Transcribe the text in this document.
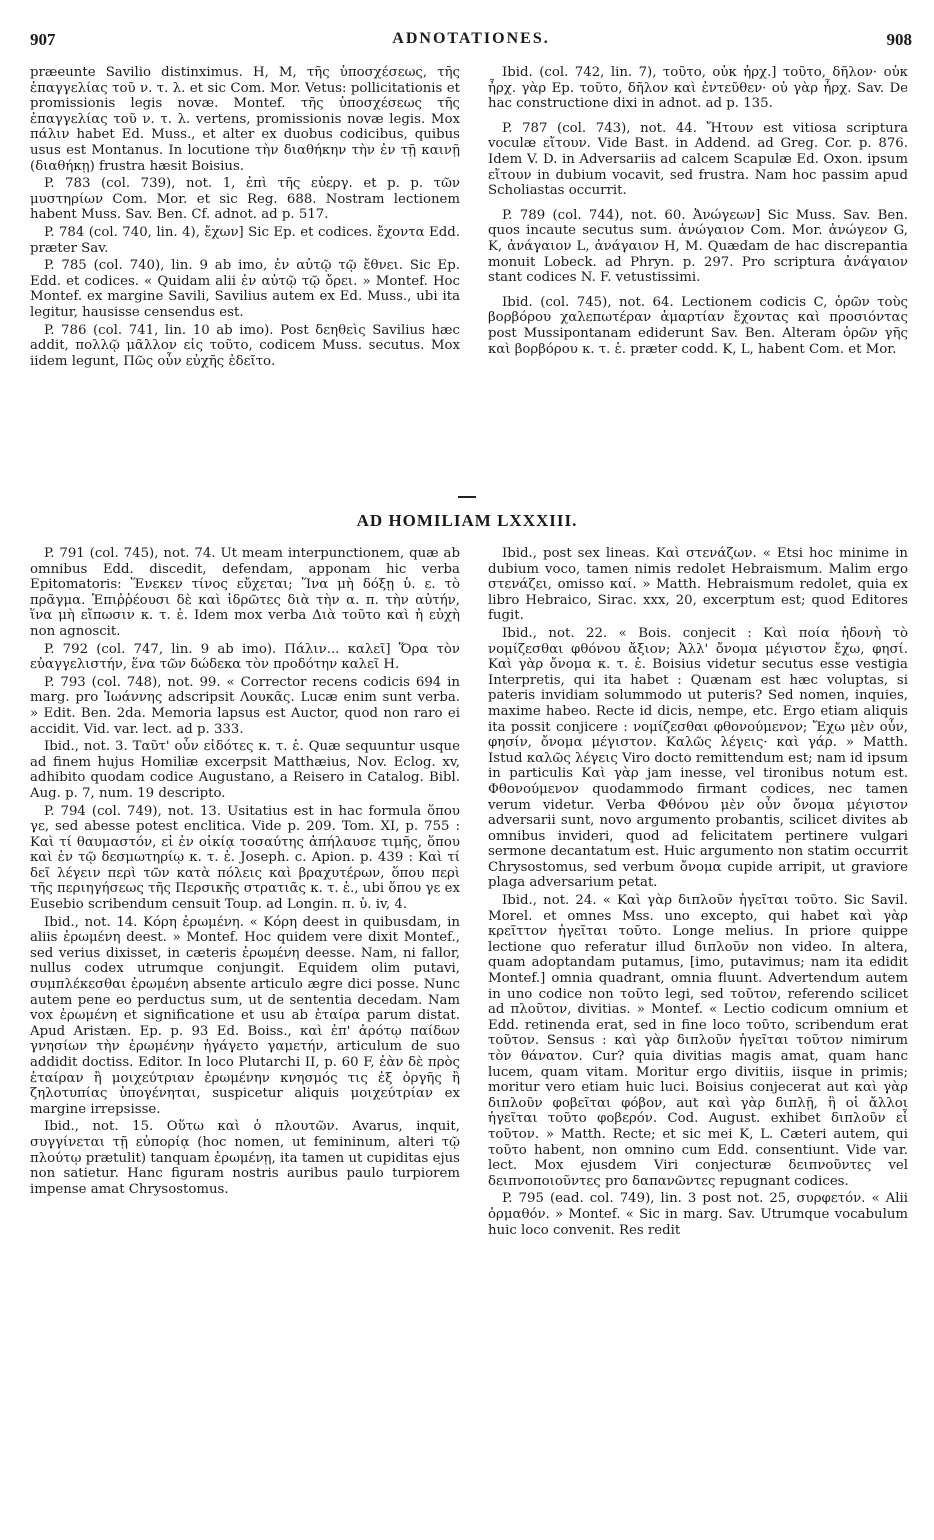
907	ADNOTATIONES.	908

præeunte Savilio distinximus. H, M, τῆς ὑποσχέσεως, τῆς ἐπαγγελίας τοῦ ν. τ. λ. et sic Com. Mor. Vetus: pollicitationis et promissionis legis novæ. Montef. τῆς ὑποσχέσεως τῆς ἐπαγγελίας τοῦ ν. τ. λ. vertens, promissionis novæ legis. Mox πάλιν habet Ed. Muss., et alter ex duobus codicibus, quibus usus est Montanus. In locutione τὴν διαθήκην τὴν ἐν τῇ καινῇ (διαθήκῃ) frustra hæsit Boisius.

P. 783 (col. 739), not. 1, ἐπὶ τῆς εὐεργ. et p. p. τῶν μυστηρίων Com. Mor. et sic Reg. 688. Nostram lectionem habent Muss. Sav. Ben. Cf. adnot. ad p. 517.

P. 784 (col. 740, lin. 4), ἔχων] Sic Ep. et codices. ἔχοντα Edd. præter Sav.

P. 785 (col. 740), lin. 9 ab imo, ἐν αὐτῷ τῷ ἔθνει. Sic Ep. Edd. et codices. « Quidam alii ἐν αὐτῷ τῷ ὄρει. » Montef. Hoc Montef. ex margine Savili, Savilius autem ex Ed. Muss., ubi ita legitur, hausisse censendus est.

P. 786 (col. 741, lin. 10 ab imo). Post δεηθεὶς Savilius hæc addit, πολλῷ μᾶλλον εἰς τοῦτο, codicem Muss. secutus. Mox iidem legunt, Πῶς οὖν εὐχῆς ἐδεῖτο.

Ibid. (col. 742, lin. 7), τοῦτο, οὐκ ἦρχ.] τοῦτο, δῆλον· οὐκ ἦρχ. γὰρ Ep. τοῦτο, δῆλον καὶ ἐντεῦθεν· οὐ γὰρ ἦρχ. Sav. De hac constructione dixi in adnot. ad p. 135.

P. 787 (col. 743), not. 44. Ἤτουν est vitiosa scriptura voculæ εἴτουν. Vide Bast. in Addend. ad Greg. Cor. p. 876. Idem V. D. in Adversariis ad calcem Scapulæ Ed. Oxon. ipsum εἴτουν in dubium vocavit, sed frustra. Nam hoc passim apud Scholiastas occurrit.

P. 789 (col. 744), not. 60. Ἀνώγεων] Sic Muss. Sav. Ben. quos incaute secutus sum. ἀνώγαιον Com. Mor. ἀνώγεον G, K, ἀνάγαιον L, ἀνάγαιον H, M. Quædam de hac discrepantia monuit Lobeck. ad Phryn. p. 297. Pro scriptura ἀνάγαιον stant codices N. F. vetustissimi.

Ibid. (col. 745), not. 64. Lectionem codicis C, ὁρῶν τοὺς βορβόρου χαλεπωτέραν ἁμαρτίαν ἔχοντας καὶ προσιόντας post Mussipontanam ediderunt Sav. Ben. Alteram ὁρῶν γῆς καὶ βορβόρου κ. τ. ἑ. præter codd. K, L, habent Com. et Mor.

AD HOMILIAM LXXXIII.

P. 791 (col. 745), not. 74. Ut meam interpunctionem, quæ ab omnibus Edd. discedit, defendam, apponam hic verba Epitomatoris: Ἕνεκεν τίνος εὔχεται; Ἵνα μὴ δόξῃ ὑ. ε. τὸ πρᾶγμα. Ἐπιῤῥέουσι δὲ καὶ ἱδρῶτες διὰ τὴν α. π. τὴν αὐτήν, ἵνα μὴ εἴπωσιν κ. τ. ἑ. Idem mox verba Διὰ τοῦτο καὶ ἡ εὐχὴ non agnoscit.

P. 792 (col. 747, lin. 9 ab imo). Πάλιν... καλεῖ] Ὅρα τὸν εὐαγγελιστήν, ἕνα τῶν δώδεκα τὸν προδότην καλεῖ H.

P. 793 (col. 748), not. 99. « Corrector recens codicis 694 in marg. pro Ἰωάννης adscripsit Λουκᾶς. Lucæ enim sunt verba. » Edit. Ben. 2da. Memoria lapsus est Auctor, quod non raro ei accidit. Vid. var. lect. ad p. 333.

Ibid., not. 3. Ταῦτ' οὖν εἰδότες κ. τ. ἑ. Quæ sequuntur usque ad finem hujus Homiliæ excerpsit Matthæius, Nov. Eclog. xv, adhibito quodam codice Augustano, a Reisero in Catalog. Bibl. Aug. p. 7, num. 19 descripto.

P. 794 (col. 749), not. 13. Usitatius est in hac formula ὅπου γε, sed abesse potest enclitica. Vide p. 209. Tom. XI, p. 755 : Καὶ τί θαυμαστόν, εἰ ἐν οἰκίᾳ τοσαύτης ἀπήλαυσε τιμῆς, ὅπου καὶ ἐν τῷ δεσμωτηρίῳ κ. τ. ἑ. Joseph. c. Apion. p. 439 : Καὶ τί δεῖ λέγειν περὶ τῶν κατὰ πόλεις καὶ βραχυτέρων, ὅπου περὶ τῆς περιηγήσεως τῆς Περσικῆς στρατιᾶς κ. τ. ἑ., ubi ὅπου γε ex Eusebio scribendum censuit Toup. ad Longin. π. ὑ. iv, 4.

Ibid., not. 14. Κόρη ἐρωμένη. « Κόρη deest in quibusdam, in aliis ἐρωμένη deest. » Montef. Hoc quidem vere dixit Montef., sed verius dixisset, in cæteris ἐρωμένη deesse. Nam, ni fallor, nullus codex utrumque conjungit. Equidem olim putavi, συμπλέκεσθαι ἐρωμένη absente articulo ægre dici posse. Nunc autem pene eo perductus sum, ut de sententia decedam. Nam vox ἐρωμένη et significatione et usu ab ἑταίρα parum distat. Apud Aristæn. Ep. p. 93 Ed. Boiss., καὶ ἐπ' ἀρότῳ παίδων γνησίων τὴν ἐρωμένην ἠγάγετο γαμετήν, articulum de suo addidit doctiss. Editor. In loco Plutarchi II, p. 60 F, ἐὰν δὲ πρὸς ἑταίραν ἢ μοιχεύτριαν ἐρωμένην κνησμός τις ἐξ ὀργῆς ἢ ζηλοτυπίας ὑπογένηται, suspicetur aliquis μοιχεύτρίαν ex margine irrepsisse.

Ibid., not. 15. Οὕτω καὶ ὁ πλουτῶν. Avarus, inquit, συγγίνεται τῇ εὐπορίᾳ (hoc nomen, ut femininum, alteri τῷ πλούτῳ prætulit) tanquam ἐρωμένῃ, ita tamen ut cupiditas ejus non satietur. Hanc figuram nostris auribus paulo turpiorem impense amat Chrysostomus.

Ibid., post sex lineas. Καὶ στενάζων. « Etsi hoc minime in dubium voco, tamen nimis redolet Hebraismum. Malim ergo στενάζει, omisso καί. » Matth. Hebraismum redolet, quia ex libro Hebraico, Sirac. xxx, 20, excerptum est; quod Editores fugit.

Ibid., not. 22. « Bois. conjecit : Καὶ ποία ἡδονὴ τὸ νομίζεσθαι φθόνου ἄξιον; Ἀλλ' ὄνομα μέγιστον ἔχω, φησί. Καὶ γὰρ ὄνομα κ. τ. ἑ. Boisius videtur secutus esse vestigia Interpretis, qui ita habet : Quænam est hæc voluptas, si pateris invidiam solummodo ut puteris? Sed nomen, inquies, maxime habeo. Recte id dicis, nempe, etc. Ergo etiam aliquis ita possit conjicere : νομίζεσθαι φθονούμενον; Ἔχω μὲν οὖν, φησίν, ὄνομα μέγιστον. Καλῶς λέγεις· καὶ γάρ. » Matth. Istud καλῶς λέγεις Viro docto remittendum est; nam id ipsum in particulis Καὶ γὰρ jam inesse, vel tironibus notum est. Φθονούμενον quodammodo firmant codices, nec tamen verum videtur. Verba Φθόνου μὲν οὖν ὄνομα μέγιστον adversarii sunt, novo argumento probantis, scilicet divites ab omnibus invideri, quod ad felicitatem pertinere vulgari sermone decantatum est. Huic argumento non statim occurrit Chrysostomus, sed verbum ὄνομα cupide arripit, ut graviore plaga adversarium petat.

Ibid., not. 24. « Καὶ γὰρ διπλοῦν ἡγεῖται τοῦτο. Sic Savil. Morel. et omnes Mss. uno excepto, qui habet καὶ γὰρ κρεῖττον ἡγεῖται τοῦτο. Longe melius. In priore quippe lectione quo referatur illud διπλοῦν non video. In altera, quam adoptandam putamus, [imo, putavimus; nam ita edidit Montef.] omnia quadrant, omnia fluunt. Advertendum autem in uno codice non τοῦτο legi, sed τοῦτον, referendo scilicet ad πλοῦτον, divitias. » Montef. « Lectio codicum omnium et Edd. retinenda erat, sed in fine loco τοῦτο, scribendum erat τοῦτον. Sensus : καὶ γὰρ διπλοῦν ἡγεῖται τοῦτον nimirum τὸν θάνατον. Cur? quia divitias magis amat, quam hanc lucem, quam vitam. Moritur ergo divitiis, iisque in primis; moritur vero etiam huic luci. Boisius conjecerat aut καὶ γὰρ διπλοῦν φοβεῖται φόβον, aut καὶ γὰρ διπλῇ, ἣ οἱ ἄλλοι ἡγεῖται τοῦτο φοβερόν. Cod. August. exhibet διπλοῦν εἶ τοῦτον. » Matth. Recte; et sic mei K, L. Cæteri autem, qui τοῦτο habent, non omnino cum Edd. consentiunt. Vide var. lect. Mox ejusdem Viri conjecturæ δειπνοῦντες vel δειπνοποιοῦντες pro δαπανῶντες repugnant codices.

P. 795 (ead. col. 749), lin. 3 post not. 25, συρφετόν. « Alii ὁρμαθόν. » Montef. « Sic in marg. Sav. Utrumque vocabulum huic loco convenit. Res redit
